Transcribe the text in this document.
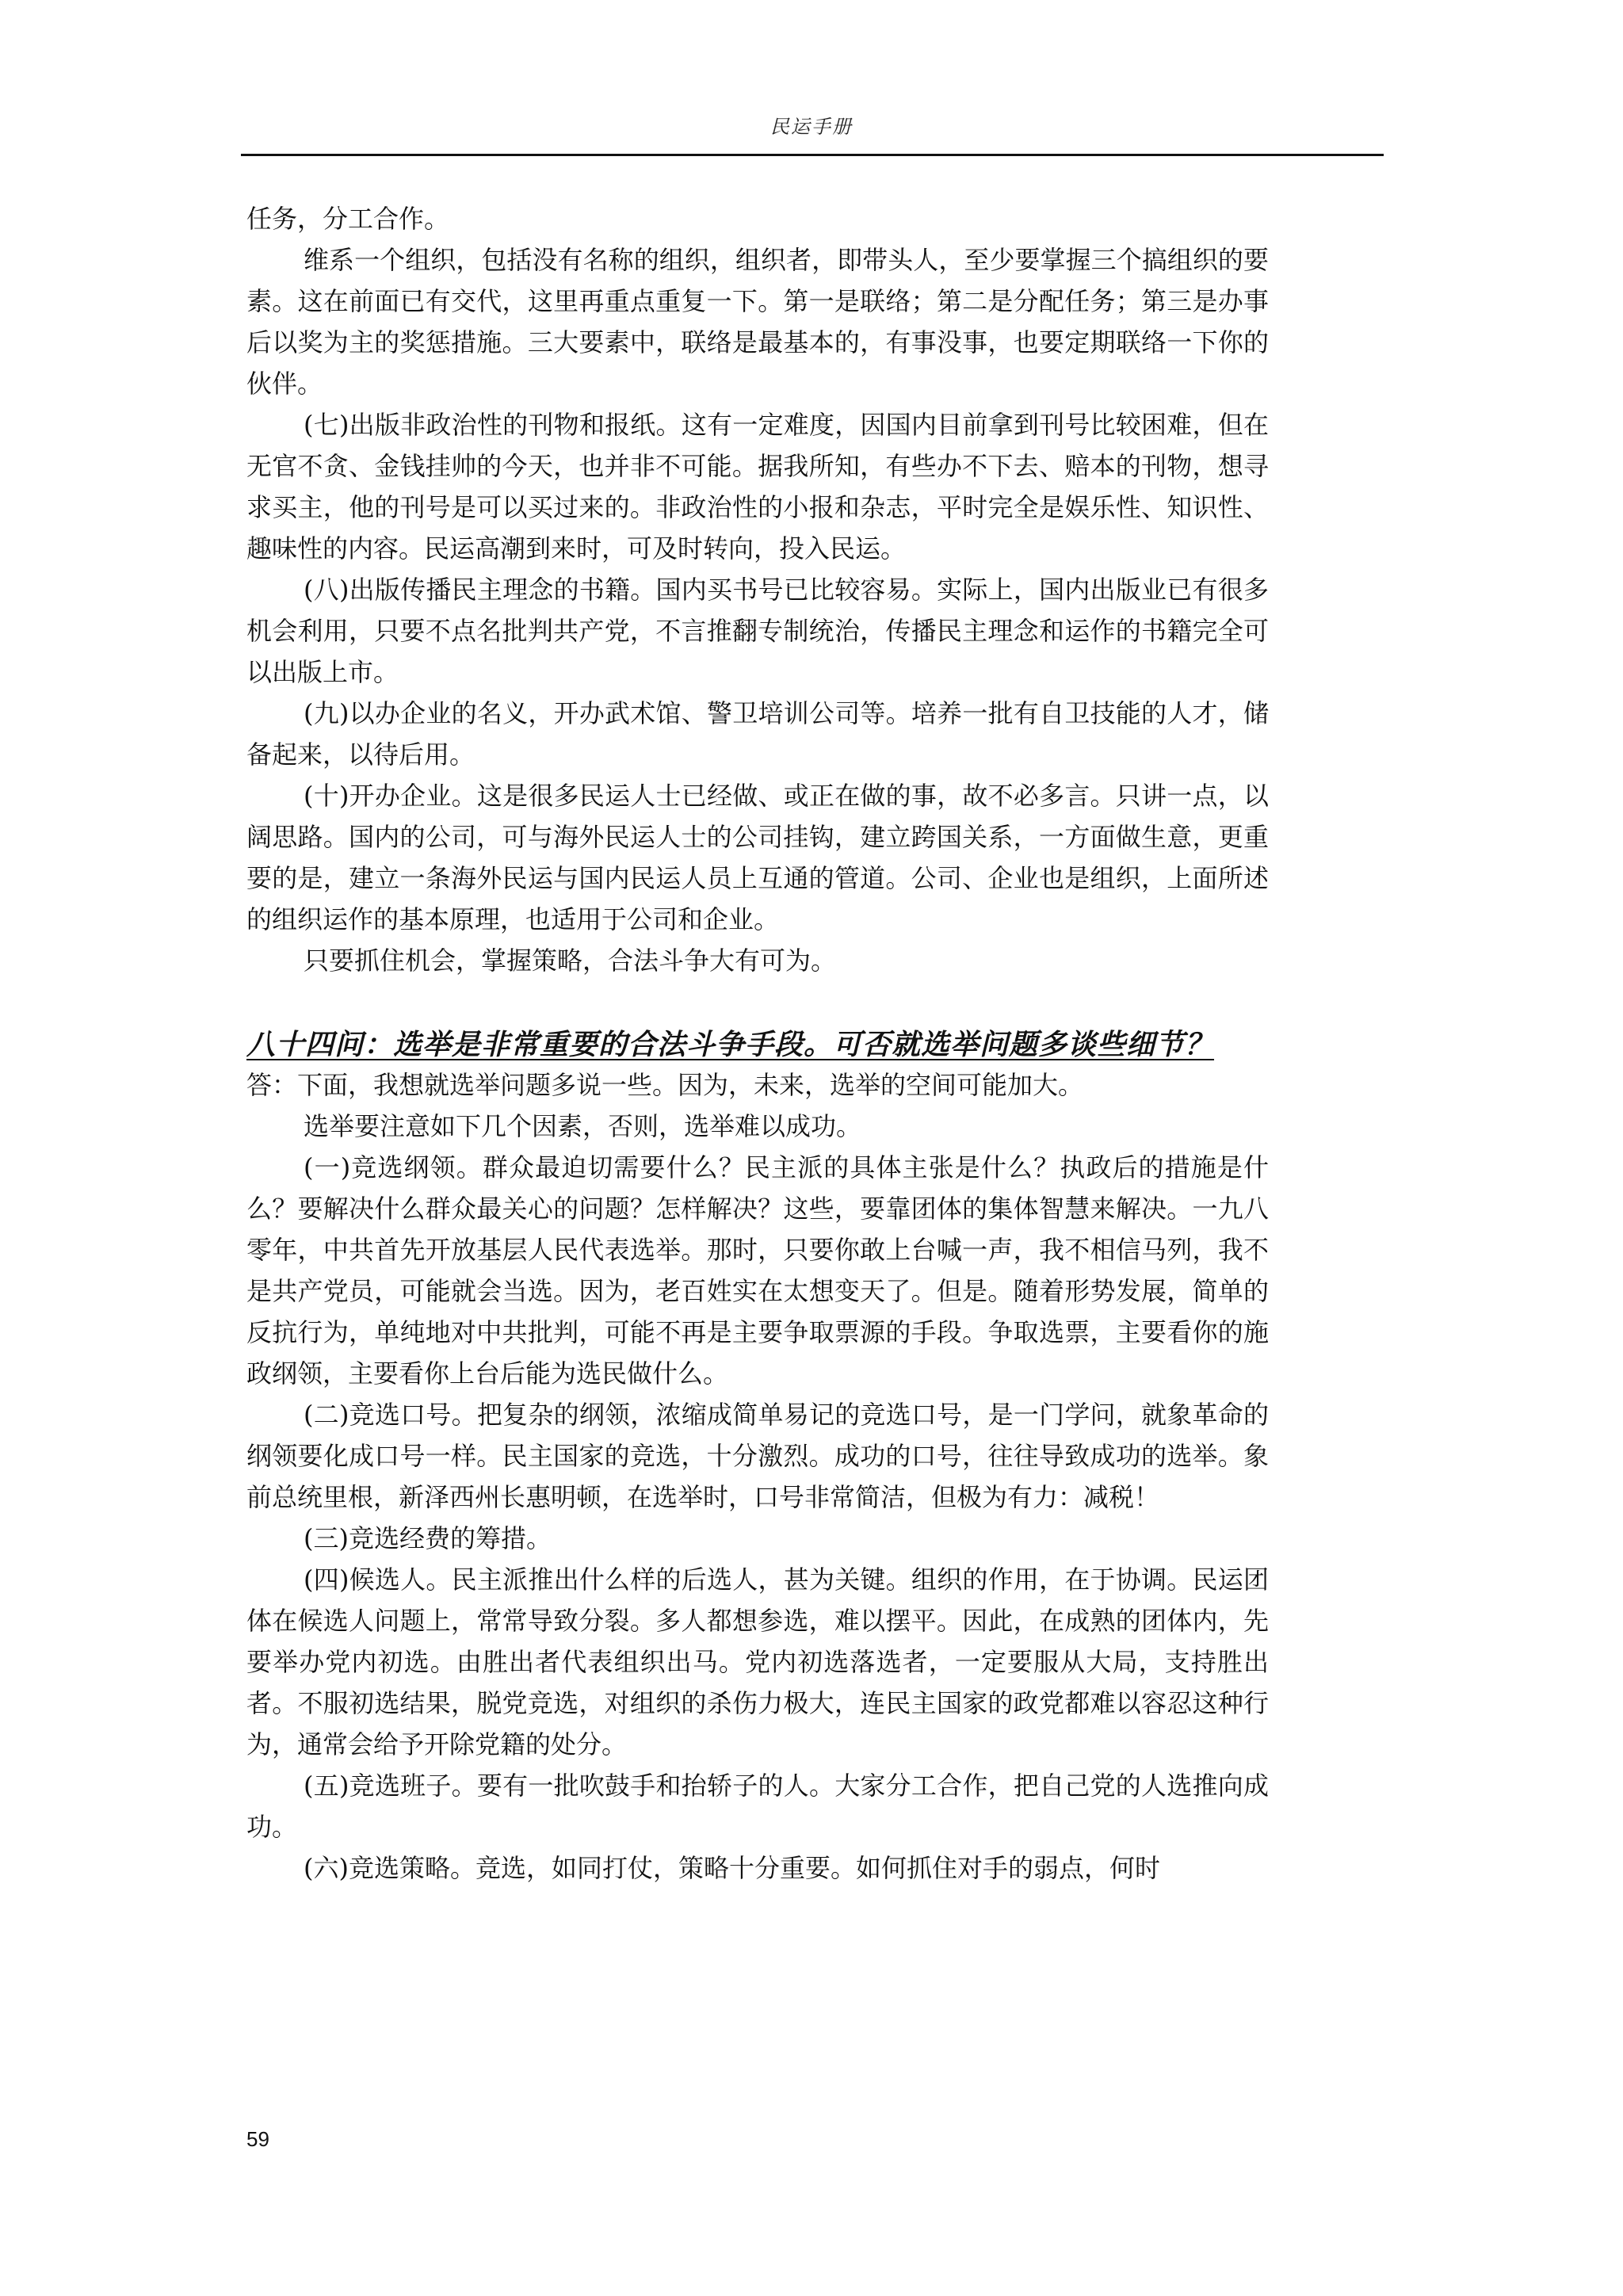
民运手册

任务，分工合作。

维系一个组织，包括没有名称的组织，组织者，即带头人，至少要掌握三个搞组织的要素。这在前面已有交代，这里再重点重复一下。第一是联络；第二是分配任务；第三是办事后以奖为主的奖惩措施。三大要素中，联络是最基本的，有事没事，也要定期联络一下你的伙伴。

(七)出版非政治性的刊物和报纸。这有一定难度，因国内目前拿到刊号比较困难，但在无官不贪、金钱挂帅的今天，也并非不可能。据我所知，有些办不下去、赔本的刊物，想寻求买主，他的刊号是可以买过来的。非政治性的小报和杂志，平时完全是娱乐性、知识性、趣味性的内容。民运高潮到来时，可及时转向，投入民运。

(八)出版传播民主理念的书籍。国内买书号已比较容易。实际上，国内出版业已有很多机会利用，只要不点名批判共产党，不言推翻专制统治，传播民主理念和运作的书籍完全可以出版上市。

(九)以办企业的名义，开办武术馆、警卫培训公司等。培养一批有自卫技能的人才，储备起来，以待后用。

(十)开办企业。这是很多民运人士已经做、或正在做的事，故不必多言。只讲一点，以阔思路。国内的公司，可与海外民运人士的公司挂钩，建立跨国关系，一方面做生意，更重要的是，建立一条海外民运与国内民运人员上互通的管道。公司、企业也是组织，上面所述的组织运作的基本原理，也适用于公司和企业。

只要抓住机会，掌握策略，合法斗争大有可为。

八十四问：选举是非常重要的合法斗争手段。可否就选举问题多谈些细节？

答：下面，我想就选举问题多说一些。因为，未来，选举的空间可能加大。

选举要注意如下几个因素，否则，选举难以成功。

(一)竞选纲领。群众最迫切需要什么？民主派的具体主张是什么？执政后的措施是什么？要解决什么群众最关心的问题？怎样解决？这些，要靠团体的集体智慧来解决。一九八零年，中共首先开放基层人民代表选举。那时，只要你敢上台喊一声，我不相信马列，我不是共产党员，可能就会当选。因为，老百姓实在太想变天了。但是。随着形势发展，简单的反抗行为，单纯地对中共批判，可能不再是主要争取票源的手段。争取选票，主要看你的施政纲领，主要看你上台后能为选民做什么。

(二)竞选口号。把复杂的纲领，浓缩成简单易记的竞选口号，是一门学问，就象革命的纲领要化成口号一样。民主国家的竞选，十分激烈。成功的口号，往往导致成功的选举。象前总统里根，新泽西州长惠明顿，在选举时，口号非常简洁，但极为有力：减税！

(三)竞选经费的筹措。

(四)候选人。民主派推出什么样的后选人，甚为关键。组织的作用，在于协调。民运团体在候选人问题上，常常导致分裂。多人都想参选，难以摆平。因此，在成熟的团体内，先要举办党内初选。由胜出者代表组织出马。党内初选落选者，一定要服从大局，支持胜出者。不服初选结果，脱党竞选，对组织的杀伤力极大，连民主国家的政党都难以容忍这种行为，通常会给予开除党籍的处分。

(五)竞选班子。要有一批吹鼓手和抬轿子的人。大家分工合作，把自己党的人选推向成功。

(六)竞选策略。竞选，如同打仗，策略十分重要。如何抓住对手的弱点，何时

59
